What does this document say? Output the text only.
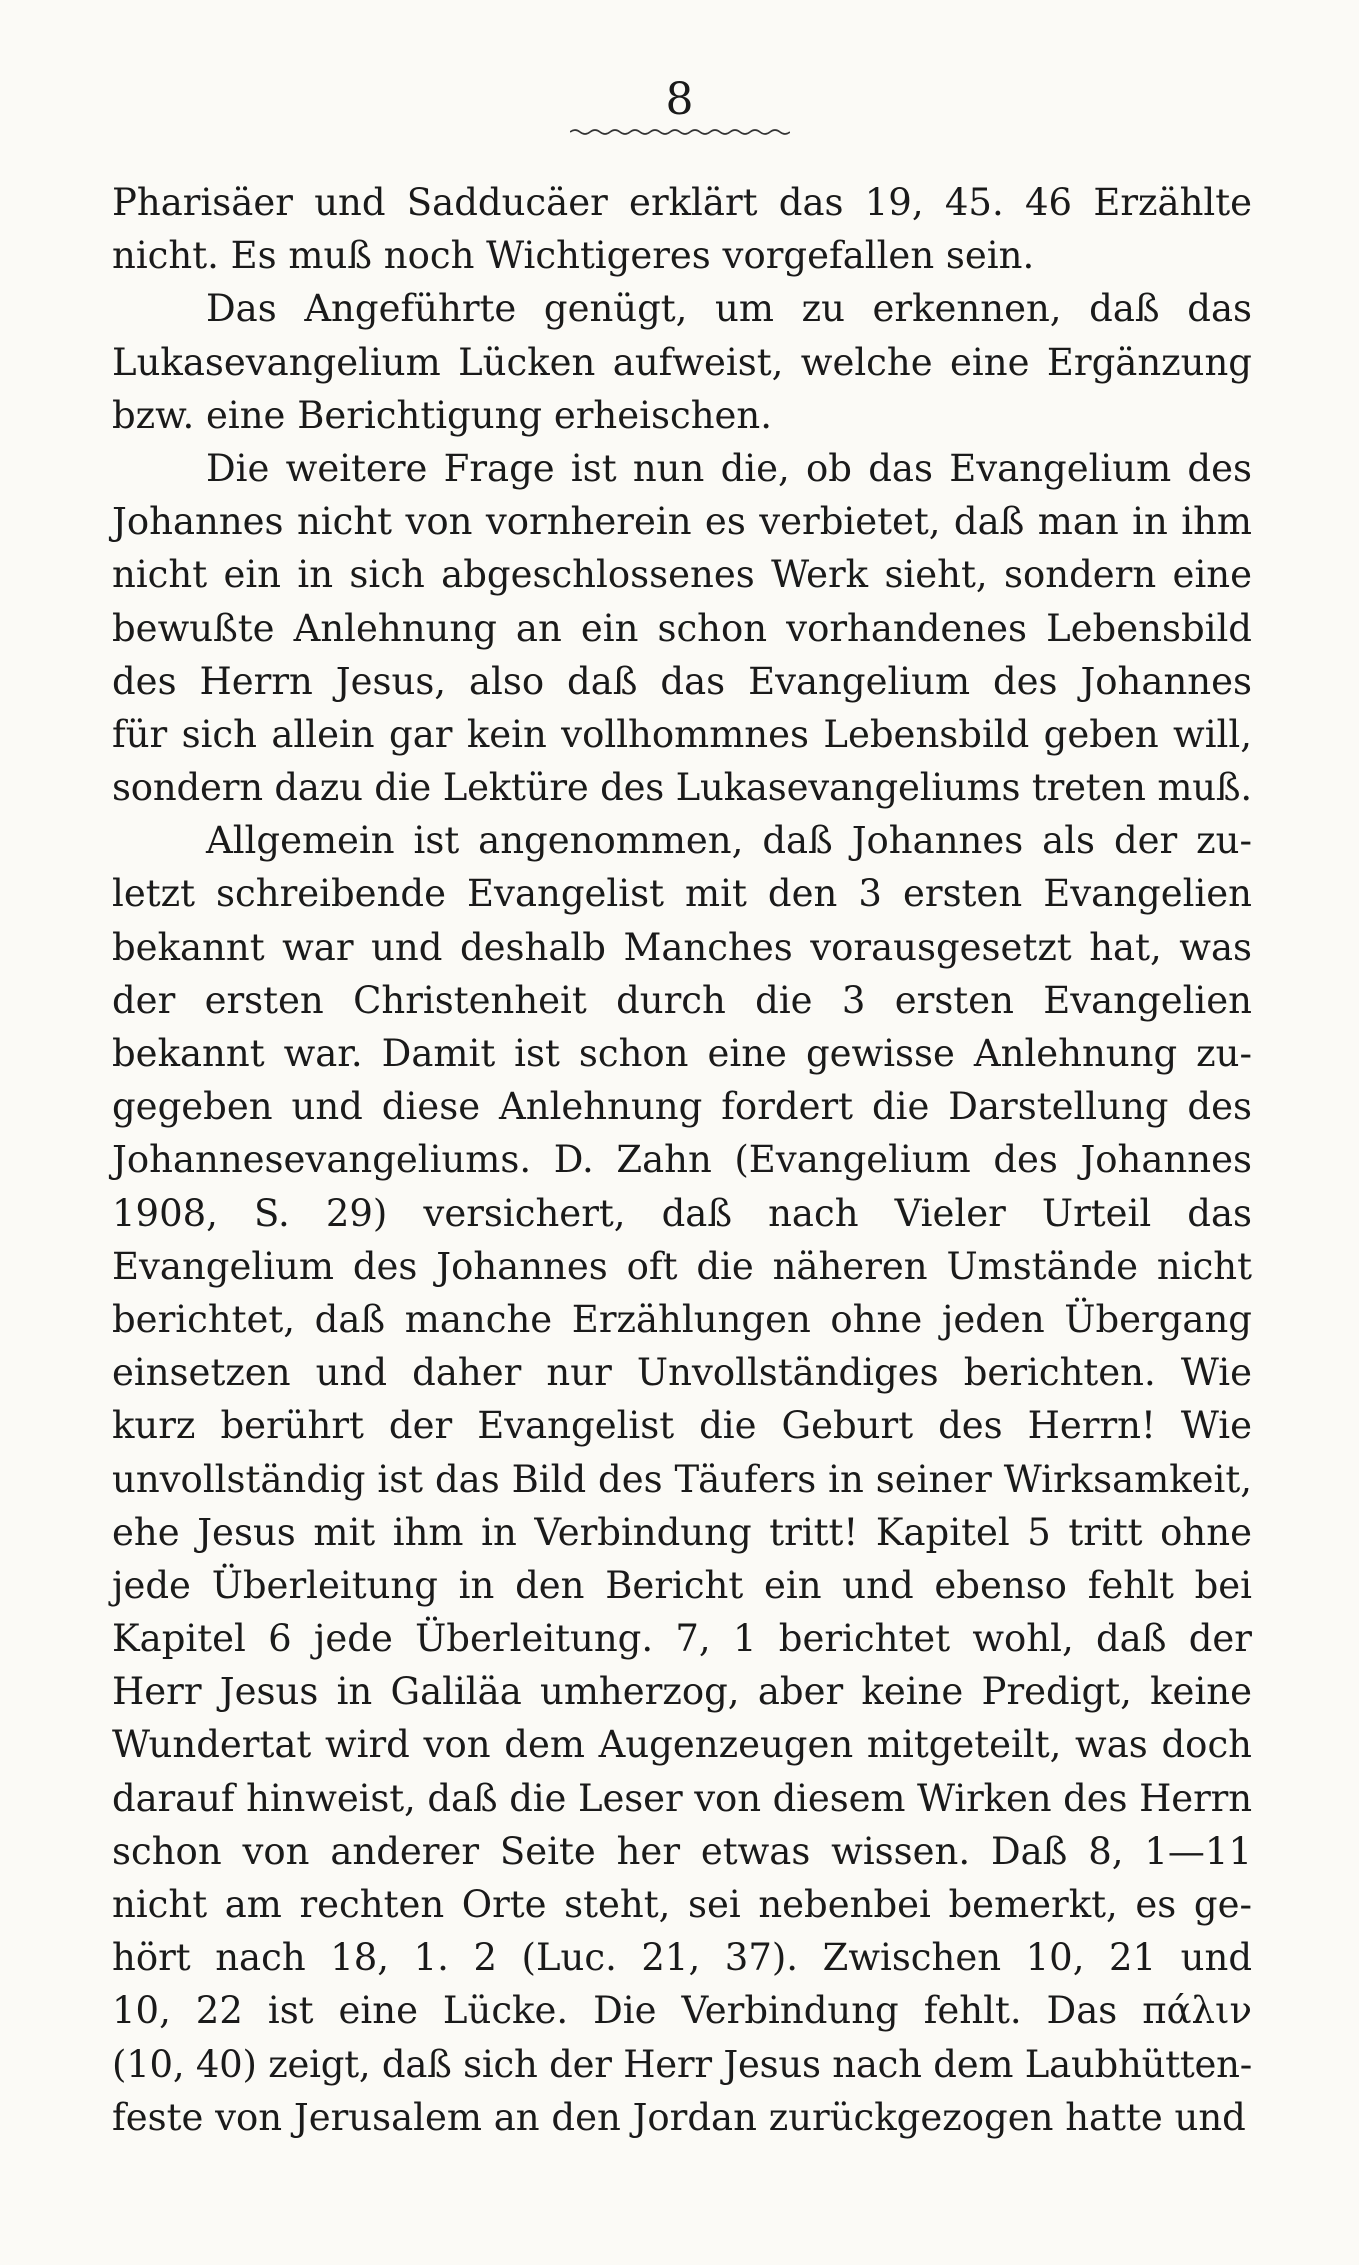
8

Pharisäer und Sadducäer erklärt das 19, 45. 46 Erzählte
nicht. Es muß noch Wichtigeres vorgefallen sein.

Das Angeführte genügt, um zu erkennen, daß das
Lukasevangelium Lücken aufweist, welche eine Ergänzung
bzw. eine Berichtigung erheischen.

Die weitere Frage ist nun die, ob das Evangelium des
Johannes nicht von vornherein es verbietet, daß man in ihm
nicht ein in sich abgeschlossenes Werk sieht, sondern eine
bewußte Anlehnung an ein schon vorhandenes Lebensbild
des Herrn Jesus, also daß das Evangelium des Johannes
für sich allein gar kein vollhommnes Lebensbild geben will,
sondern dazu die Lektüre des Lukasevangeliums treten muß.

Allgemein ist angenommen, daß Johannes als der zu-
letzt schreibende Evangelist mit den 3 ersten Evangelien
bekannt war und deshalb Manches vorausgesetzt hat, was
der ersten Christenheit durch die 3 ersten Evangelien
bekannt war. Damit ist schon eine gewisse Anlehnung zu-
gegeben und diese Anlehnung fordert die Darstellung des
Johannesevangeliums. D. Zahn (Evangelium des Johannes
1908, S. 29) versichert, daß nach Vieler Urteil das
Evangelium des Johannes oft die näheren Umstände nicht
berichtet, daß manche Erzählungen ohne jeden Übergang
einsetzen und daher nur Unvollständiges berichten. Wie
kurz berührt der Evangelist die Geburt des Herrn! Wie
unvollständig ist das Bild des Täufers in seiner Wirksamkeit,
ehe Jesus mit ihm in Verbindung tritt! Kapitel 5 tritt ohne
jede Überleitung in den Bericht ein und ebenso fehlt bei
Kapitel 6 jede Überleitung. 7, 1 berichtet wohl, daß der
Herr Jesus in Galiläa umherzog, aber keine Predigt, keine
Wundertat wird von dem Augenzeugen mitgeteilt, was doch
darauf hinweist, daß die Leser von diesem Wirken des Herrn
schon von anderer Seite her etwas wissen. Daß 8, 1—11
nicht am rechten Orte steht, sei nebenbei bemerkt, es ge-
hört nach 18, 1. 2 (Luc. 21, 37). Zwischen 10, 21 und
10, 22 ist eine Lücke. Die Verbindung fehlt. Das πάλιν
(10, 40) zeigt, daß sich der Herr Jesus nach dem Laubhütten-
feste von Jerusalem an den Jordan zurückgezogen hatte und
